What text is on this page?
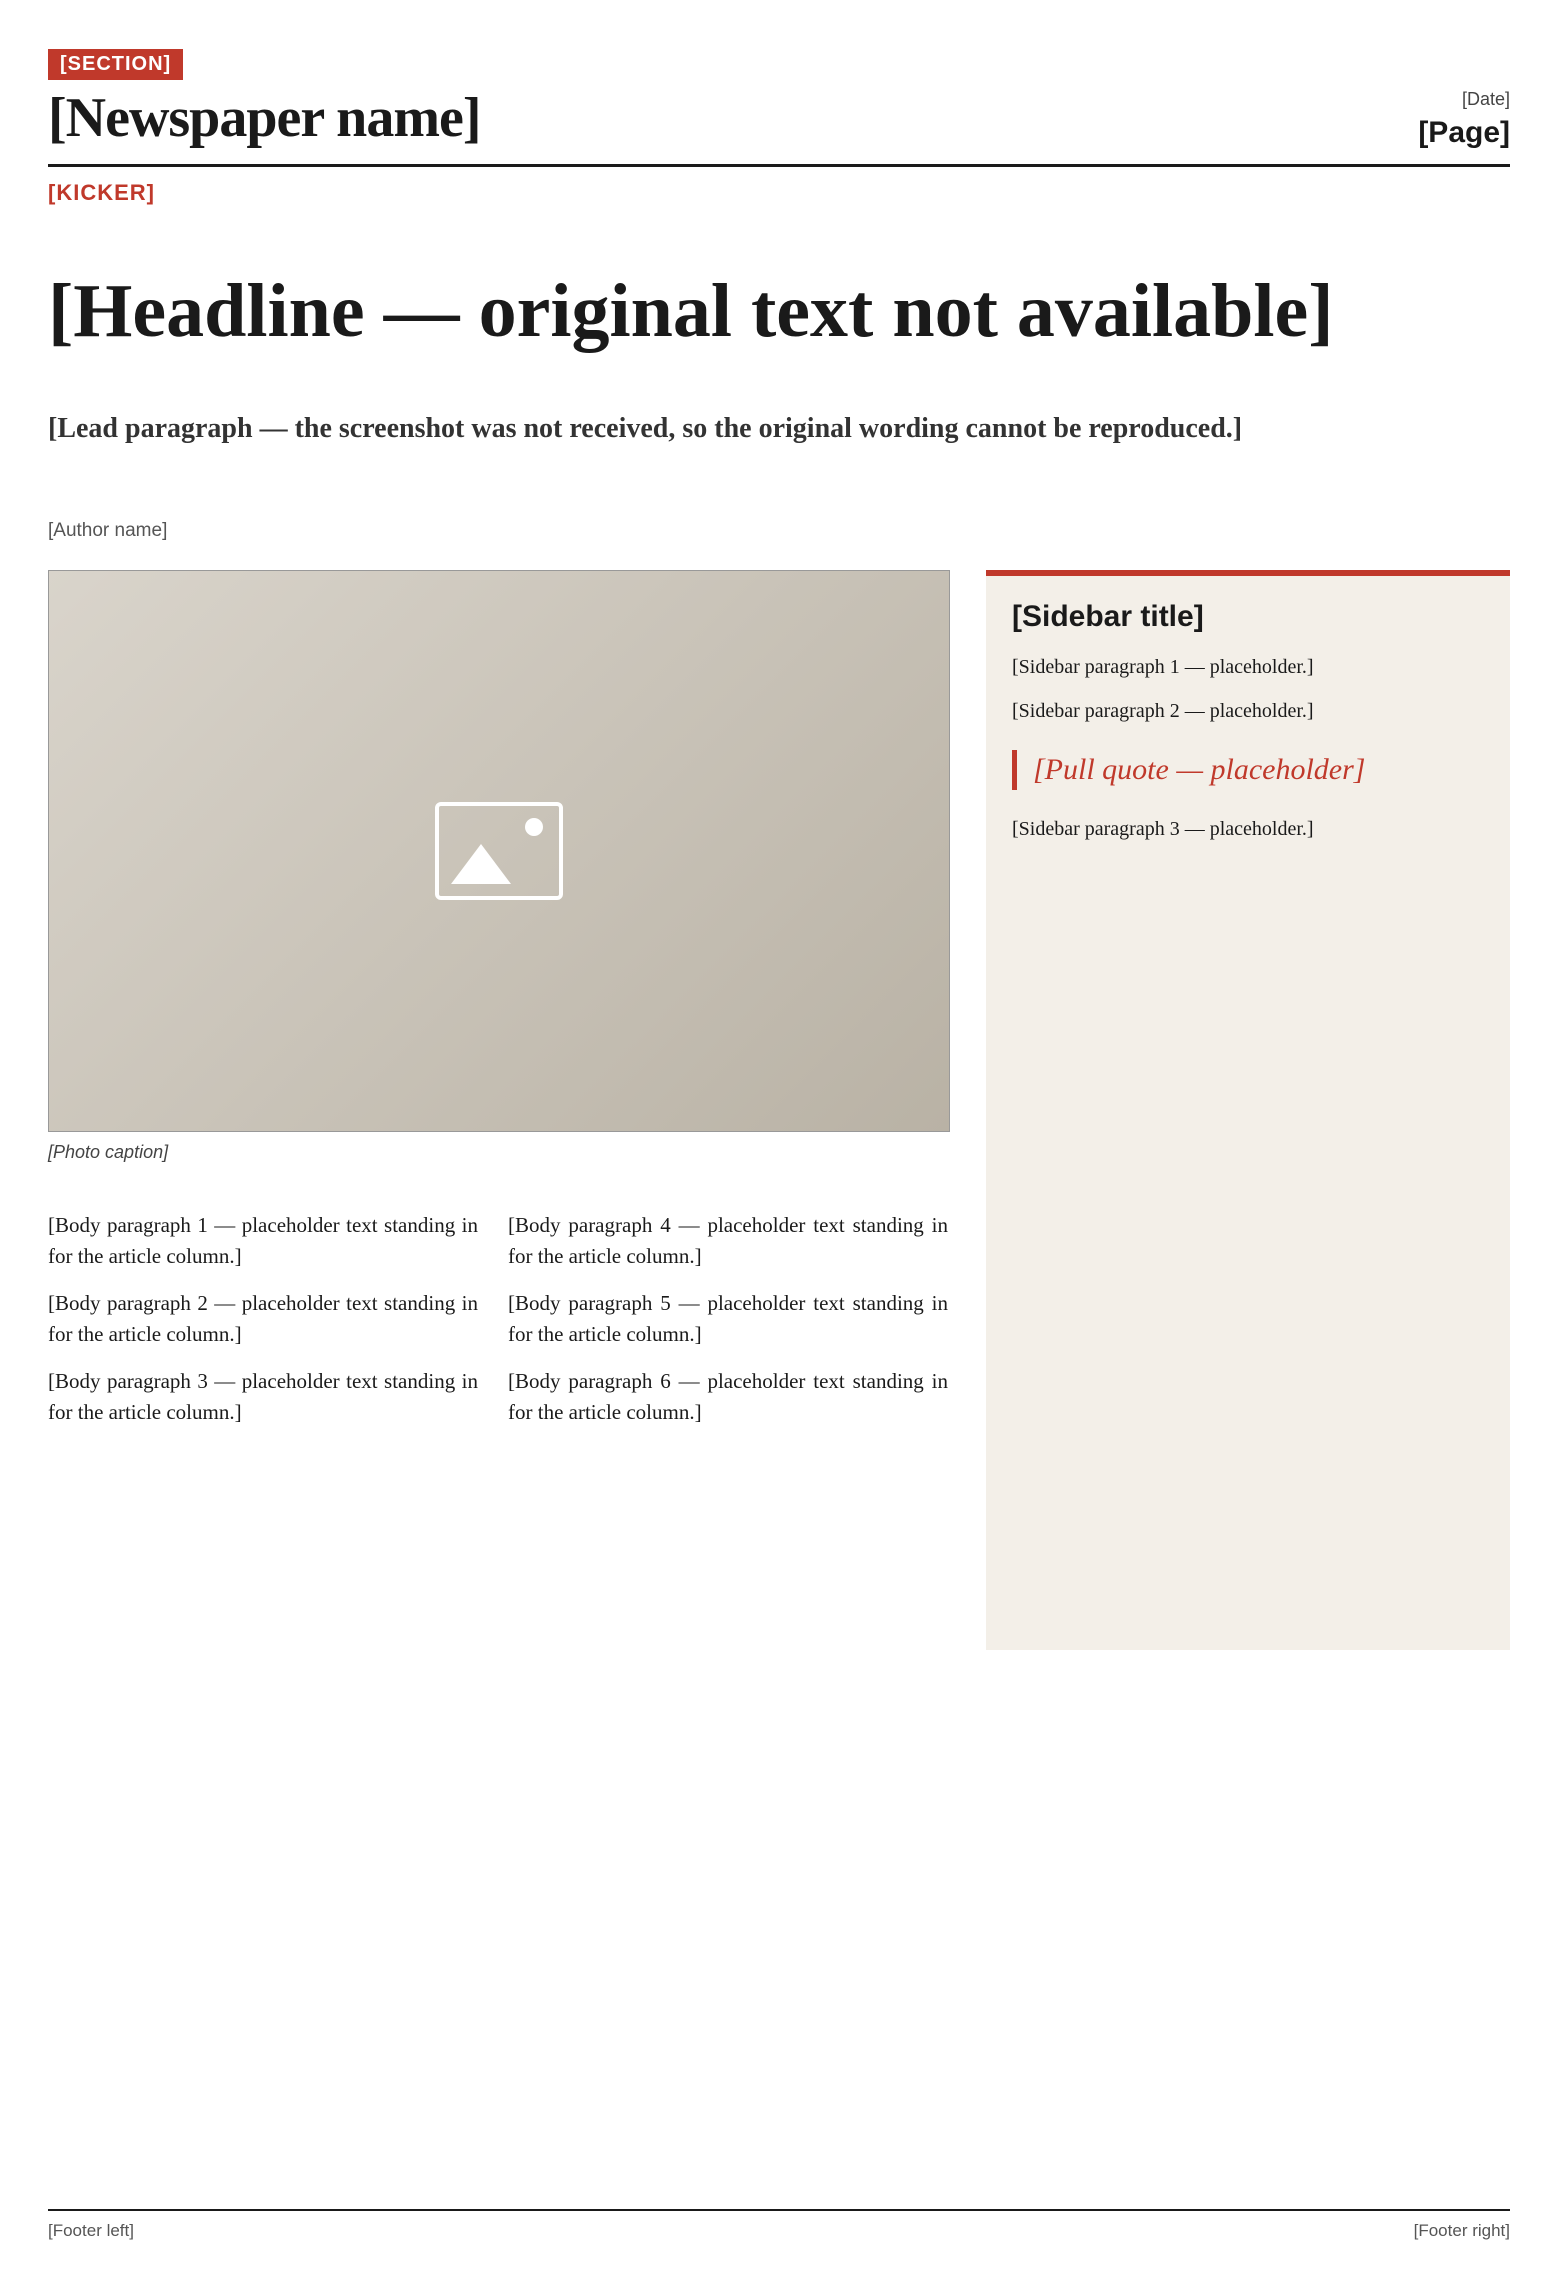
[SECTION]
[Newspaper name]	[Date]
[Page]
[KICKER]
[Headline — original text not available]
[Lead paragraph — the screenshot was not received, so the original wording cannot be reproduced.]
[Author name]
[Photo caption]

[Body paragraph 1 — placeholder text standing in for the article column.]

[Body paragraph 2 — placeholder text standing in for the article column.]

[Body paragraph 3 — placeholder text standing in for the article column.]

[Body paragraph 4 — placeholder text standing in for the article column.]

[Body paragraph 5 — placeholder text standing in for the article column.]

[Body paragraph 6 — placeholder text standing in for the article column.]

[Sidebar title]

[Sidebar paragraph 1 — placeholder.]

[Sidebar paragraph 2 — placeholder.]

[Pull quote — placeholder]

[Sidebar paragraph 3 — placeholder.]

[Footer left]	[Footer right]
